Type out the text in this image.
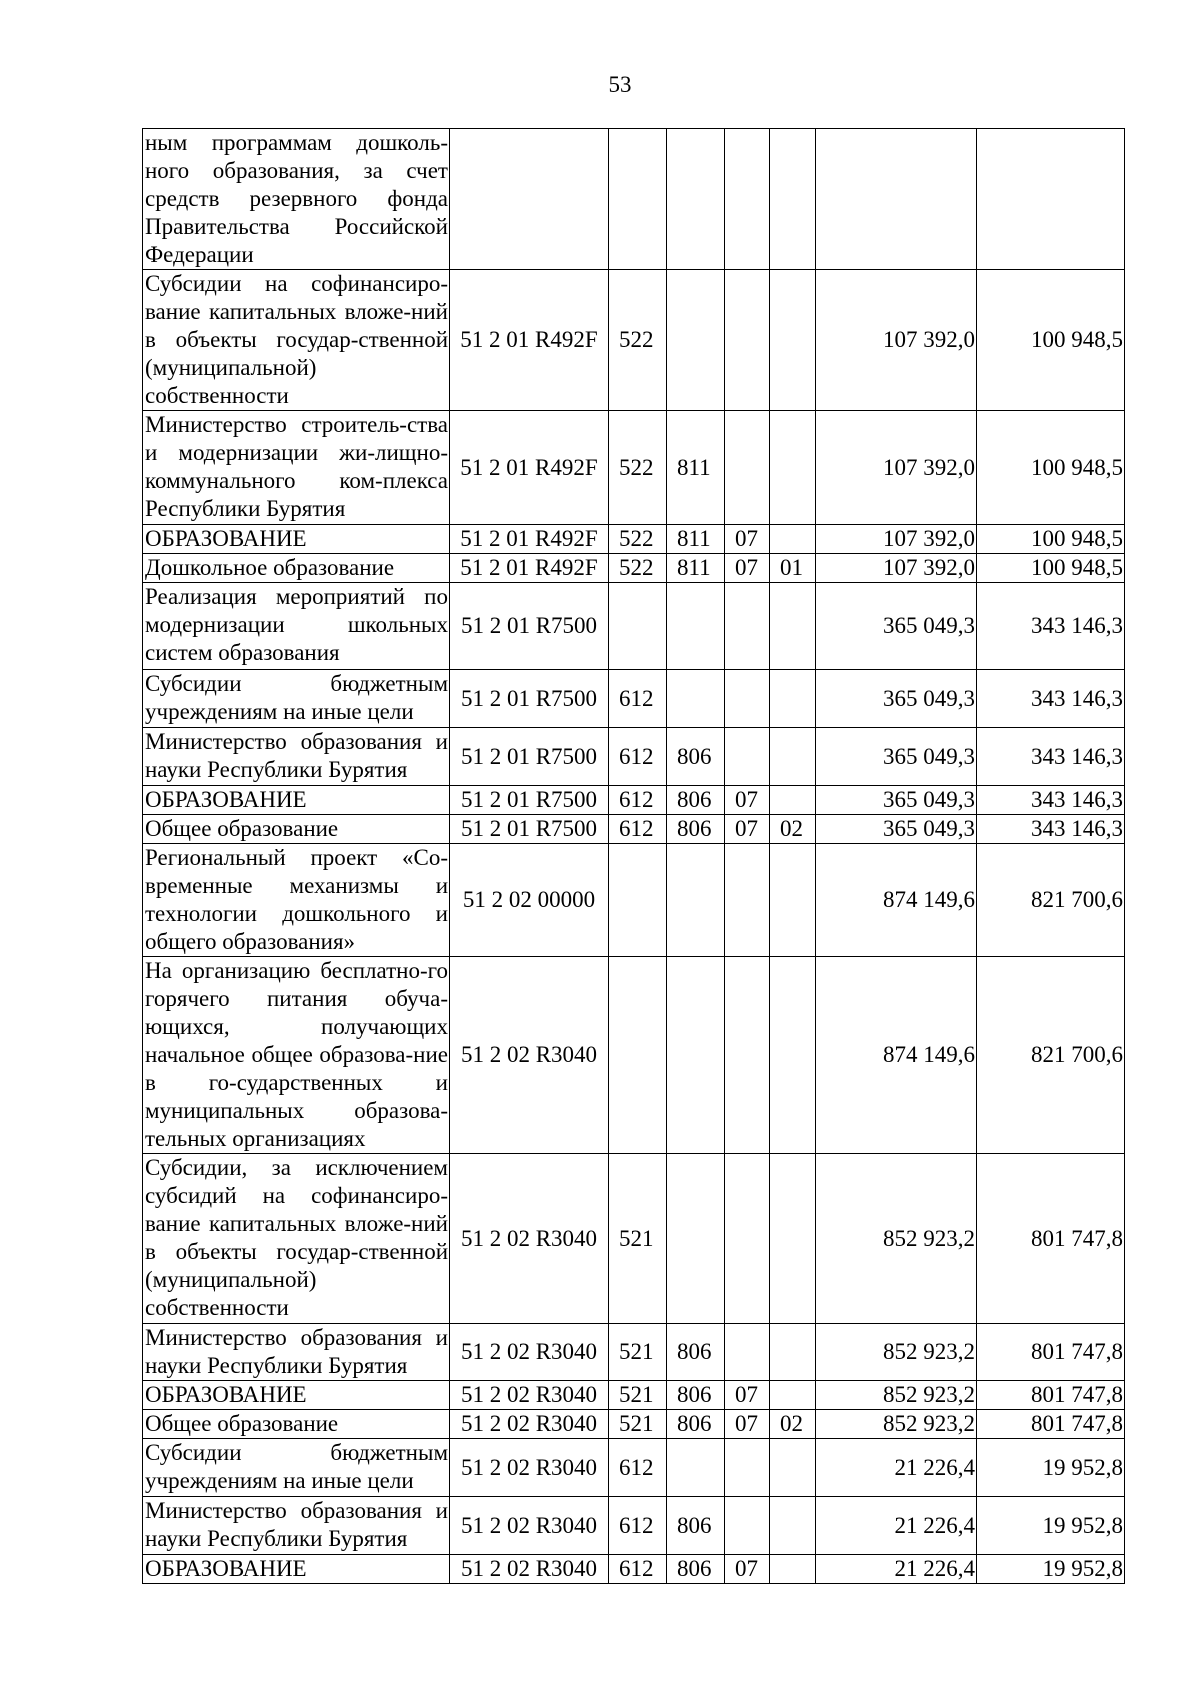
53
ным программам дошколь-ного образования, за счет средств резервного фонда Правительства Российской Федерации							
Субсидии на софинансиро-вание капитальных вложе-ний в объекты государ-ственной (муниципальной) собственности	51 2 01 R492F	522				107 392,0	100 948,5
Министерство строитель-ства и модернизации жи-лищно-коммунального ком-плекса Республики Бурятия	51 2 01 R492F	522	811			107 392,0	100 948,5
ОБРАЗОВАНИЕ	51 2 01 R492F	522	811	07		107 392,0	100 948,5
Дошкольное образование	51 2 01 R492F	522	811	07	01	107 392,0	100 948,5
Реализация мероприятий по модернизации школьных систем образования	51 2 01 R7500					365 049,3	343 146,3
Субсидии бюджетным учреждениям на иные цели	51 2 01 R7500	612				365 049,3	343 146,3
Министерство образования и науки Республики Бурятия	51 2 01 R7500	612	806			365 049,3	343 146,3
ОБРАЗОВАНИЕ	51 2 01 R7500	612	806	07		365 049,3	343 146,3
Общее образование	51 2 01 R7500	612	806	07	02	365 049,3	343 146,3
Региональный проект «Со-временные механизмы и технологии дошкольного и общего образования»	51 2 02 00000					874 149,6	821 700,6
На организацию бесплатно-го горячего питания обуча-ющихся, получающих начальное общее образова-ние в го-сударственных и муниципальных образова-тельных организациях	51 2 02 R3040					874 149,6	821 700,6
Субсидии, за исключением субсидий на софинансиро-вание капитальных вложе-ний в объекты государ-ственной (муниципальной) собственности	51 2 02 R3040	521				852 923,2	801 747,8
Министерство образования и науки Республики Бурятия	51 2 02 R3040	521	806			852 923,2	801 747,8
ОБРАЗОВАНИЕ	51 2 02 R3040	521	806	07		852 923,2	801 747,8
Общее образование	51 2 02 R3040	521	806	07	02	852 923,2	801 747,8
Субсидии бюджетным учреждениям на иные цели	51 2 02 R3040	612				21 226,4	19 952,8
Министерство образования и науки Республики Бурятия	51 2 02 R3040	612	806			21 226,4	19 952,8
ОБРАЗОВАНИЕ	51 2 02 R3040	612	806	07		21 226,4	19 952,8
